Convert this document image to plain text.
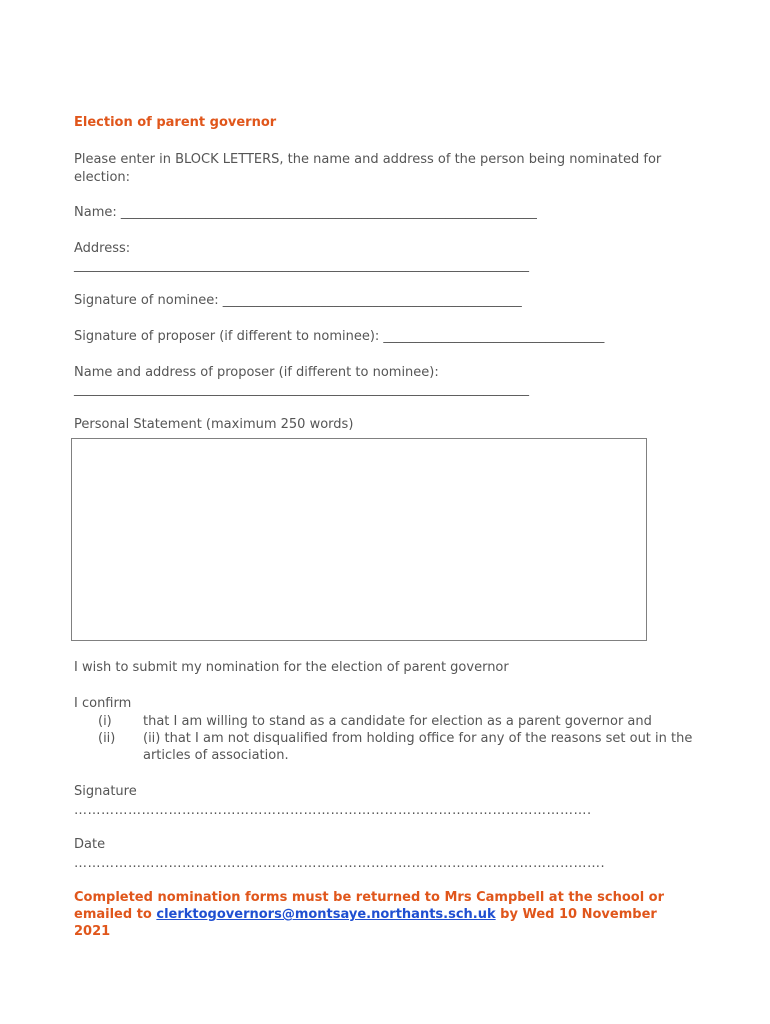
Election of parent governor
Please enter in BLOCK LETTERS, the name and address of the person being nominated for election:
Name: ________________________________________________________________
Address:
______________________________________________________________________
Signature of nominee: ______________________________________________
Signature of proposer (if different to nominee): __________________________________
Name and address of proposer (if different to nominee):
______________________________________________________________________
Personal Statement (maximum 250 words)
I wish to submit my nomination for the election of parent governor
I confirm
(i) that I am willing to stand as a candidate for election as a parent governor and
(ii) (ii) that I am not disqualified from holding office for any of the reasons set out in the articles of association.
Signature
…………………………………………………………………………………………………….
Date
……………………………………………………………………………………………………….
Completed nomination forms must be returned to Mrs Campbell at the school or emailed to clerktogovernors@montsaye.northants.sch.uk by Wed 10 November 2021
